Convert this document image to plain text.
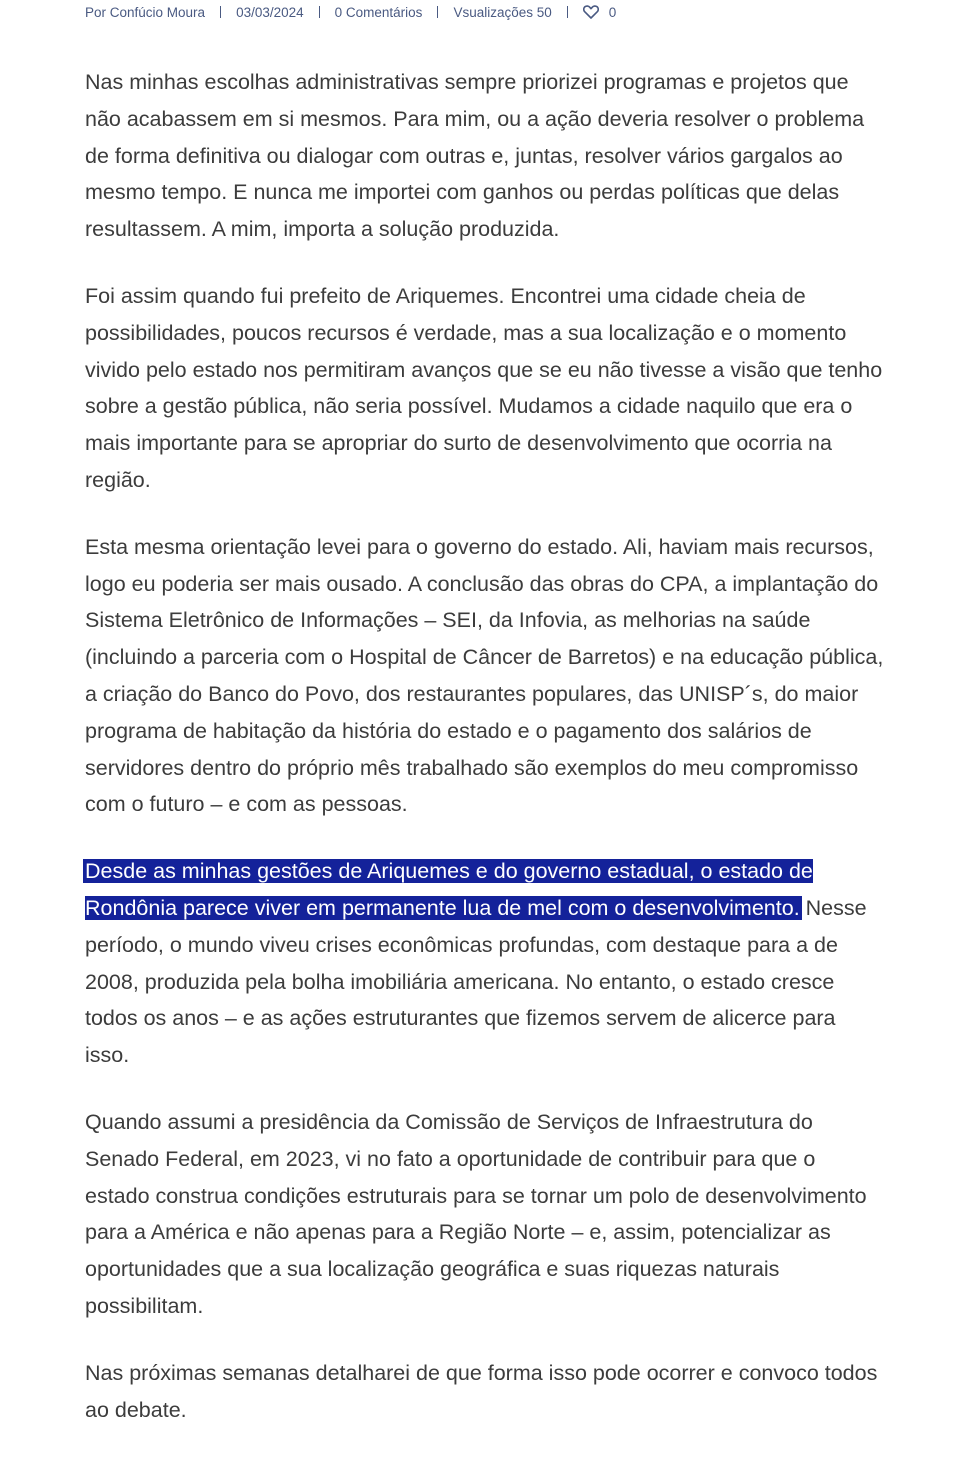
Por Confúcio Moura 03/03/2024 0 Comentários Vsualizações 50	0

Nas minhas escolhas administrativas sempre priorizei programas e projetos que não acabassem em si mesmos. Para mim, ou a ação deveria resolver o problema de forma definitiva ou dialogar com outras e, juntas, resolver vários gargalos ao mesmo tempo. E nunca me importei com ganhos ou perdas políticas que delas resultassem. A mim, importa a solução produzida.

Foi assim quando fui prefeito de Ariquemes. Encontrei uma cidade cheia de possibilidades, poucos recursos é verdade, mas a sua localização e o momento vivido pelo estado nos permitiram avanços que se eu não tivesse a visão que tenho sobre a gestão pública, não seria possível. Mudamos a cidade naquilo que era o mais importante para se apropriar do surto de desenvolvimento que ocorria na região.

Esta mesma orientação levei para o governo do estado. Ali, haviam mais recursos, logo eu poderia ser mais ousado. A conclusão das obras do CPA, a implantação do Sistema Eletrônico de Informações – SEI, da Infovia, as melhorias na saúde (incluindo a parceria com o Hospital de Câncer de Barretos) e na educação pública, a criação do Banco do Povo, dos restaurantes populares, das UNISP´s, do maior programa de habitação da história do estado e o pagamento dos salários de servidores dentro do próprio mês trabalhado são exemplos do meu compromisso com o futuro – e com as pessoas.

Desde as minhas gestões de Ariquemes e do governo estadual, o estado de Rondônia parece viver em permanente lua de mel com o desenvolvimento. Nesse período, o mundo viveu crises econômicas profundas, com destaque para a de 2008, produzida pela bolha imobiliária americana. No entanto, o estado cresce todos os anos – e as ações estruturantes que fizemos servem de alicerce para isso.

Quando assumi a presidência da Comissão de Serviços de Infraestrutura do Senado Federal, em 2023, vi no fato a oportunidade de contribuir para que o estado construa condições estruturais para se tornar um polo de desenvolvimento para a América e não apenas para a Região Norte – e, assim, potencializar as oportunidades que a sua localização geográfica e suas riquezas naturais possibilitam.

Nas próximas semanas detalharei de que forma isso pode ocorrer e convoco todos ao debate.
